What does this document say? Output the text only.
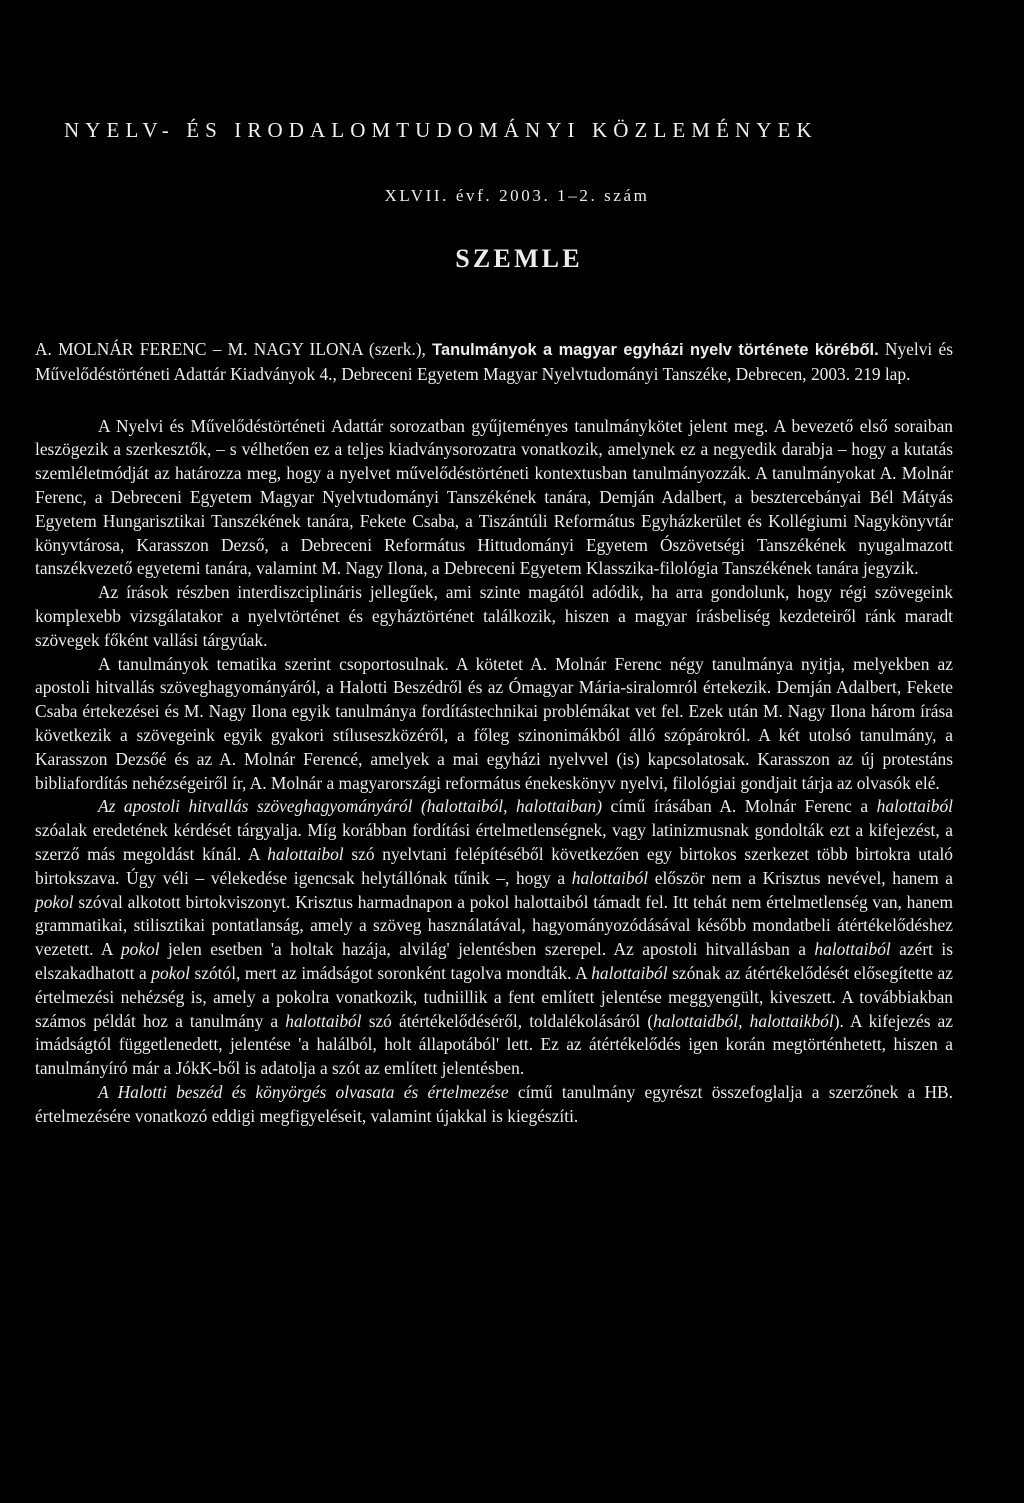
NYELV- ÉS IRODALOMTUDOMÁNYI KÖZLEMÉNYEK
XLVII. évf. 2003. 1–2. szám
SZEMLE

A. MOLNÁR FERENC – M. NAGY ILONA (szerk.), Tanulmányok a magyar egyházi nyelv története köréből. Nyelvi és Művelődéstörténeti Adattár Kiadványok 4., Debreceni Egyetem Magyar Nyelvtudományi Tanszéke, Debrecen, 2003. 219 lap.

A Nyelvi és Művelődéstörténeti Adattár sorozatban gyűjteményes tanulmánykötet jelent meg. A bevezető első soraiban leszögezik a szerkesztők, – s vélhetően ez a teljes kiadványsorozatra vonatkozik, amelynek ez a negyedik darabja – hogy a kutatás szemléletmódját az határozza meg, hogy a nyelvet művelődéstörténeti kontextusban tanulmányozzák. A tanulmányokat A. Molnár Ferenc, a Debreceni Egyetem Magyar Nyelvtudományi Tanszékének tanára, Demján Adalbert, a besztercebányai Bél Mátyás Egyetem Hungarisztikai Tanszékének tanára, Fekete Csaba, a Tiszántúli Református Egyházkerület és Kollégiumi Nagykönyvtár könyvtárosa, Karasszon Dezső, a Debreceni Református Hittudományi Egyetem Ószövetségi Tanszékének nyugalmazott tanszékvezető egyetemi tanára, valamint M. Nagy Ilona, a Debreceni Egyetem Klasszika-filológia Tanszékének tanára jegyzik.

Az írások részben interdiszciplináris jellegűek, ami szinte magától adódik, ha arra gondolunk, hogy régi szövegeink komplexebb vizsgálatakor a nyelvtörténet és egyháztörténet találkozik, hiszen a magyar írásbeliség kezdeteiről ránk maradt szövegek főként vallási tárgyúak.

A tanulmányok tematika szerint csoportosulnak. A kötetet A. Molnár Ferenc négy tanulmánya nyitja, melyekben az apostoli hitvallás szöveghagyományáról, a Halotti Beszédről és az Ómagyar Mária-siralomról értekezik. Demján Adalbert, Fekete Csaba értekezései és M. Nagy Ilona egyik tanulmánya fordítástechnikai problémákat vet fel. Ezek után M. Nagy Ilona három írása következik a szövegeink egyik gyakori stíluseszközéről, a főleg szinonimákból álló szópárokról. A két utolsó tanulmány, a Karasszon Dezsőé és az A. Molnár Ferencé, amelyek a mai egyházi nyelvvel (is) kapcsolatosak. Karasszon az új protestáns bibliafordítás nehézségeiről ír, A. Molnár a magyarországi református énekeskönyv nyelvi, filológiai gondjait tárja az olvasók elé.

Az apostoli hitvallás szöveghagyományáról (halottaiból, halottaiban) című írásában A. Molnár Ferenc a halottaiból szóalak eredetének kérdését tárgyalja. Míg korábban fordítási értelmetlenségnek, vagy latinizmusnak gondolták ezt a kifejezést, a szerző más megoldást kínál. A halottaibol szó nyelvtani felépítéséből következően egy birtokos szerkezet több birtokra utaló birtokszava. Úgy véli – vélekedése igencsak helytállónak tűnik –, hogy a halottaiból először nem a Krisztus nevével, hanem a pokol szóval alkotott birtokviszonyt. Krisztus harmadnapon a pokol halottaiból támadt fel. Itt tehát nem értelmetlenség van, hanem grammatikai, stilisztikai pontatlanság, amely a szöveg használatával, hagyományozódásával később mondatbeli átértékelődéshez vezetett. A pokol jelen esetben 'a holtak hazája, alvilág' jelentésben szerepel. Az apostoli hitvallásban a halottaiból azért is elszakadhatott a pokol szótól, mert az imádságot soronként tagolva mondták. A halottaiból szónak az átértékelődését elősegítette az értelmezési nehézség is, amely a pokolra vonatkozik, tudniillik a fent említett jelentése meggyengült, kiveszett. A továbbiakban számos példát hoz a tanulmány a halottaiból szó átértékelődéséről, toldalékolásáról (halottaidból, halottaikból). A kifejezés az imádságtól függetlenedett, jelentése 'a halálból, holt állapotából' lett. Ez az átértékelődés igen korán megtörténhetett, hiszen a tanulmányíró már a JókK-ből is adatolja a szót az említett jelentésben.

A Halotti beszéd és könyörgés olvasata és értelmezése című tanulmány egyrészt összefoglalja a szerzőnek a HB. értelmezésére vonatkozó eddigi megfigyeléseit, valamint újakkal is kiegészíti.
